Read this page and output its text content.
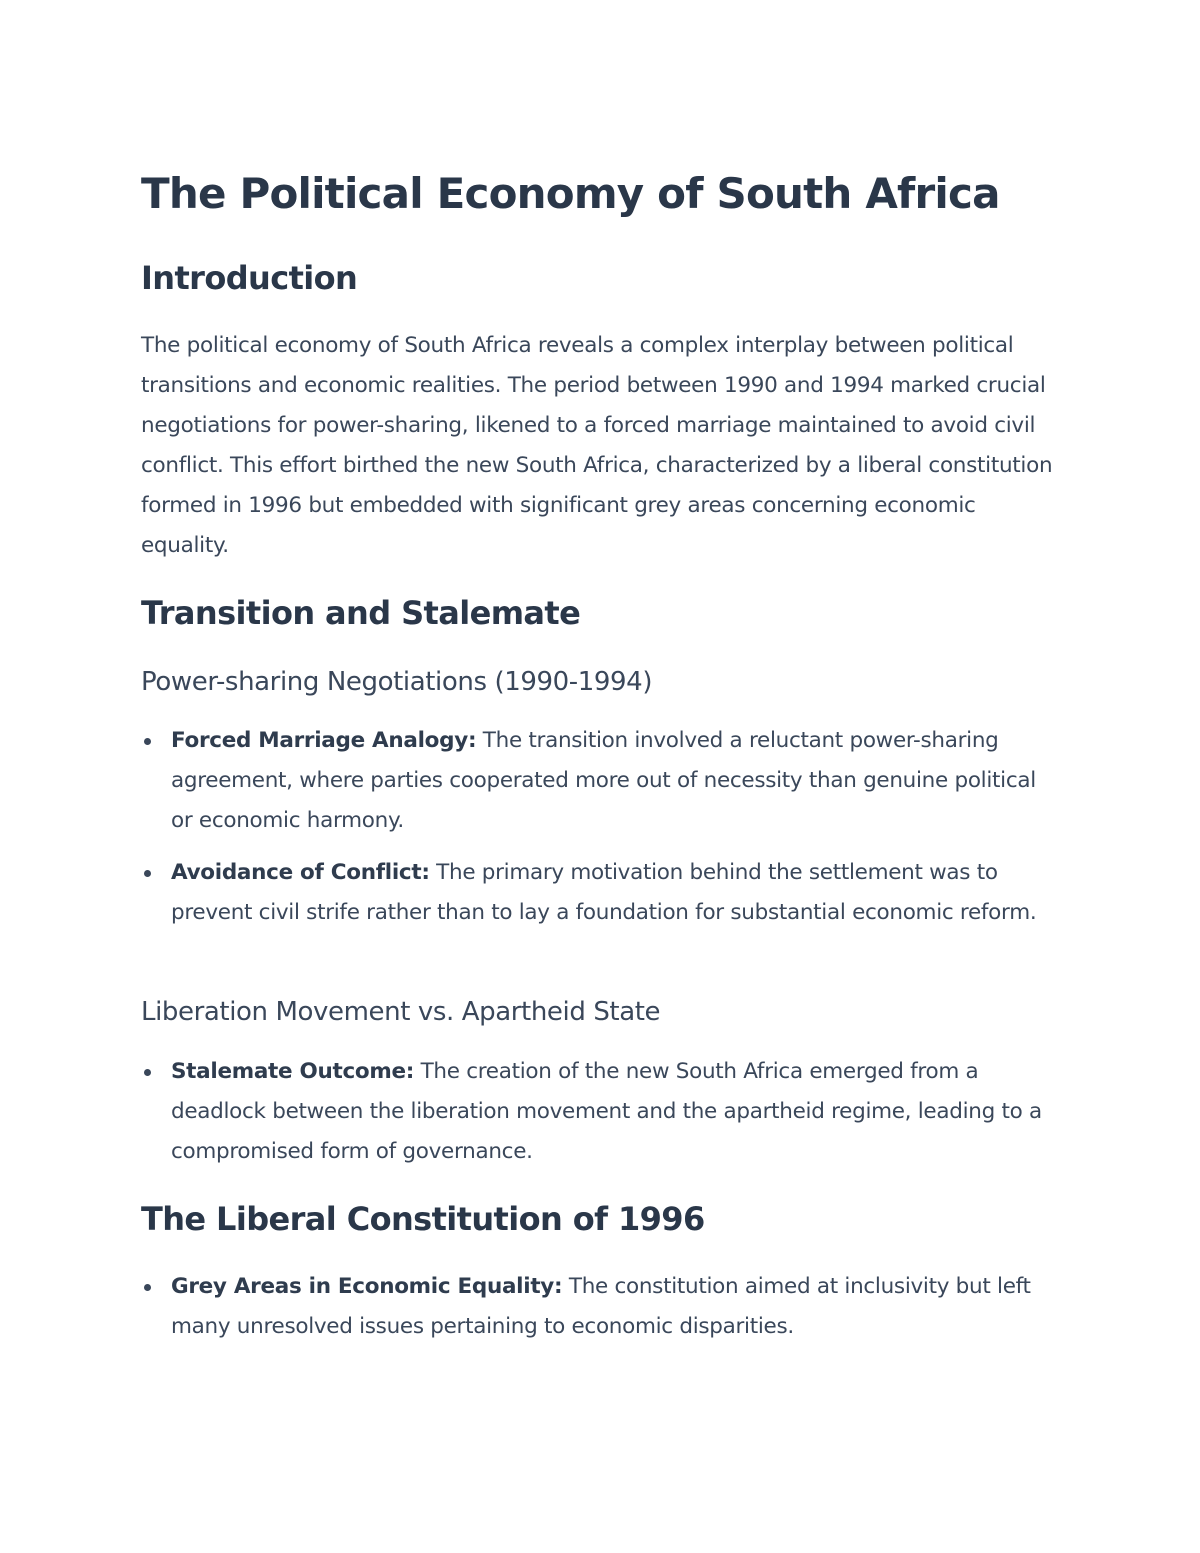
The Political Economy of South Africa
Introduction

The political economy of South Africa reveals a complex interplay between political transitions and economic realities. The period between 1990 and 1994 marked crucial negotiations for power-sharing, likened to a forced marriage maintained to avoid civil conflict. This effort birthed the new South Africa, characterized by a liberal constitution formed in 1996 but embedded with significant grey areas concerning economic equality.

Transition and Stalemate
Power-sharing Negotiations (1990-1994)
Forced Marriage Analogy: The transition involved a reluctant power-sharing agreement, where parties cooperated more out of necessity than genuine political or economic harmony.
Avoidance of Conflict: The primary motivation behind the settlement was to prevent civil strife rather than to lay a foundation for substantial economic reform.
Liberation Movement vs. Apartheid State
Stalemate Outcome: The creation of the new South Africa emerged from a deadlock between the liberation movement and the apartheid regime, leading to a compromised form of governance.
The Liberal Constitution of 1996
Grey Areas in Economic Equality: The constitution aimed at inclusivity but left many unresolved issues pertaining to economic disparities.
